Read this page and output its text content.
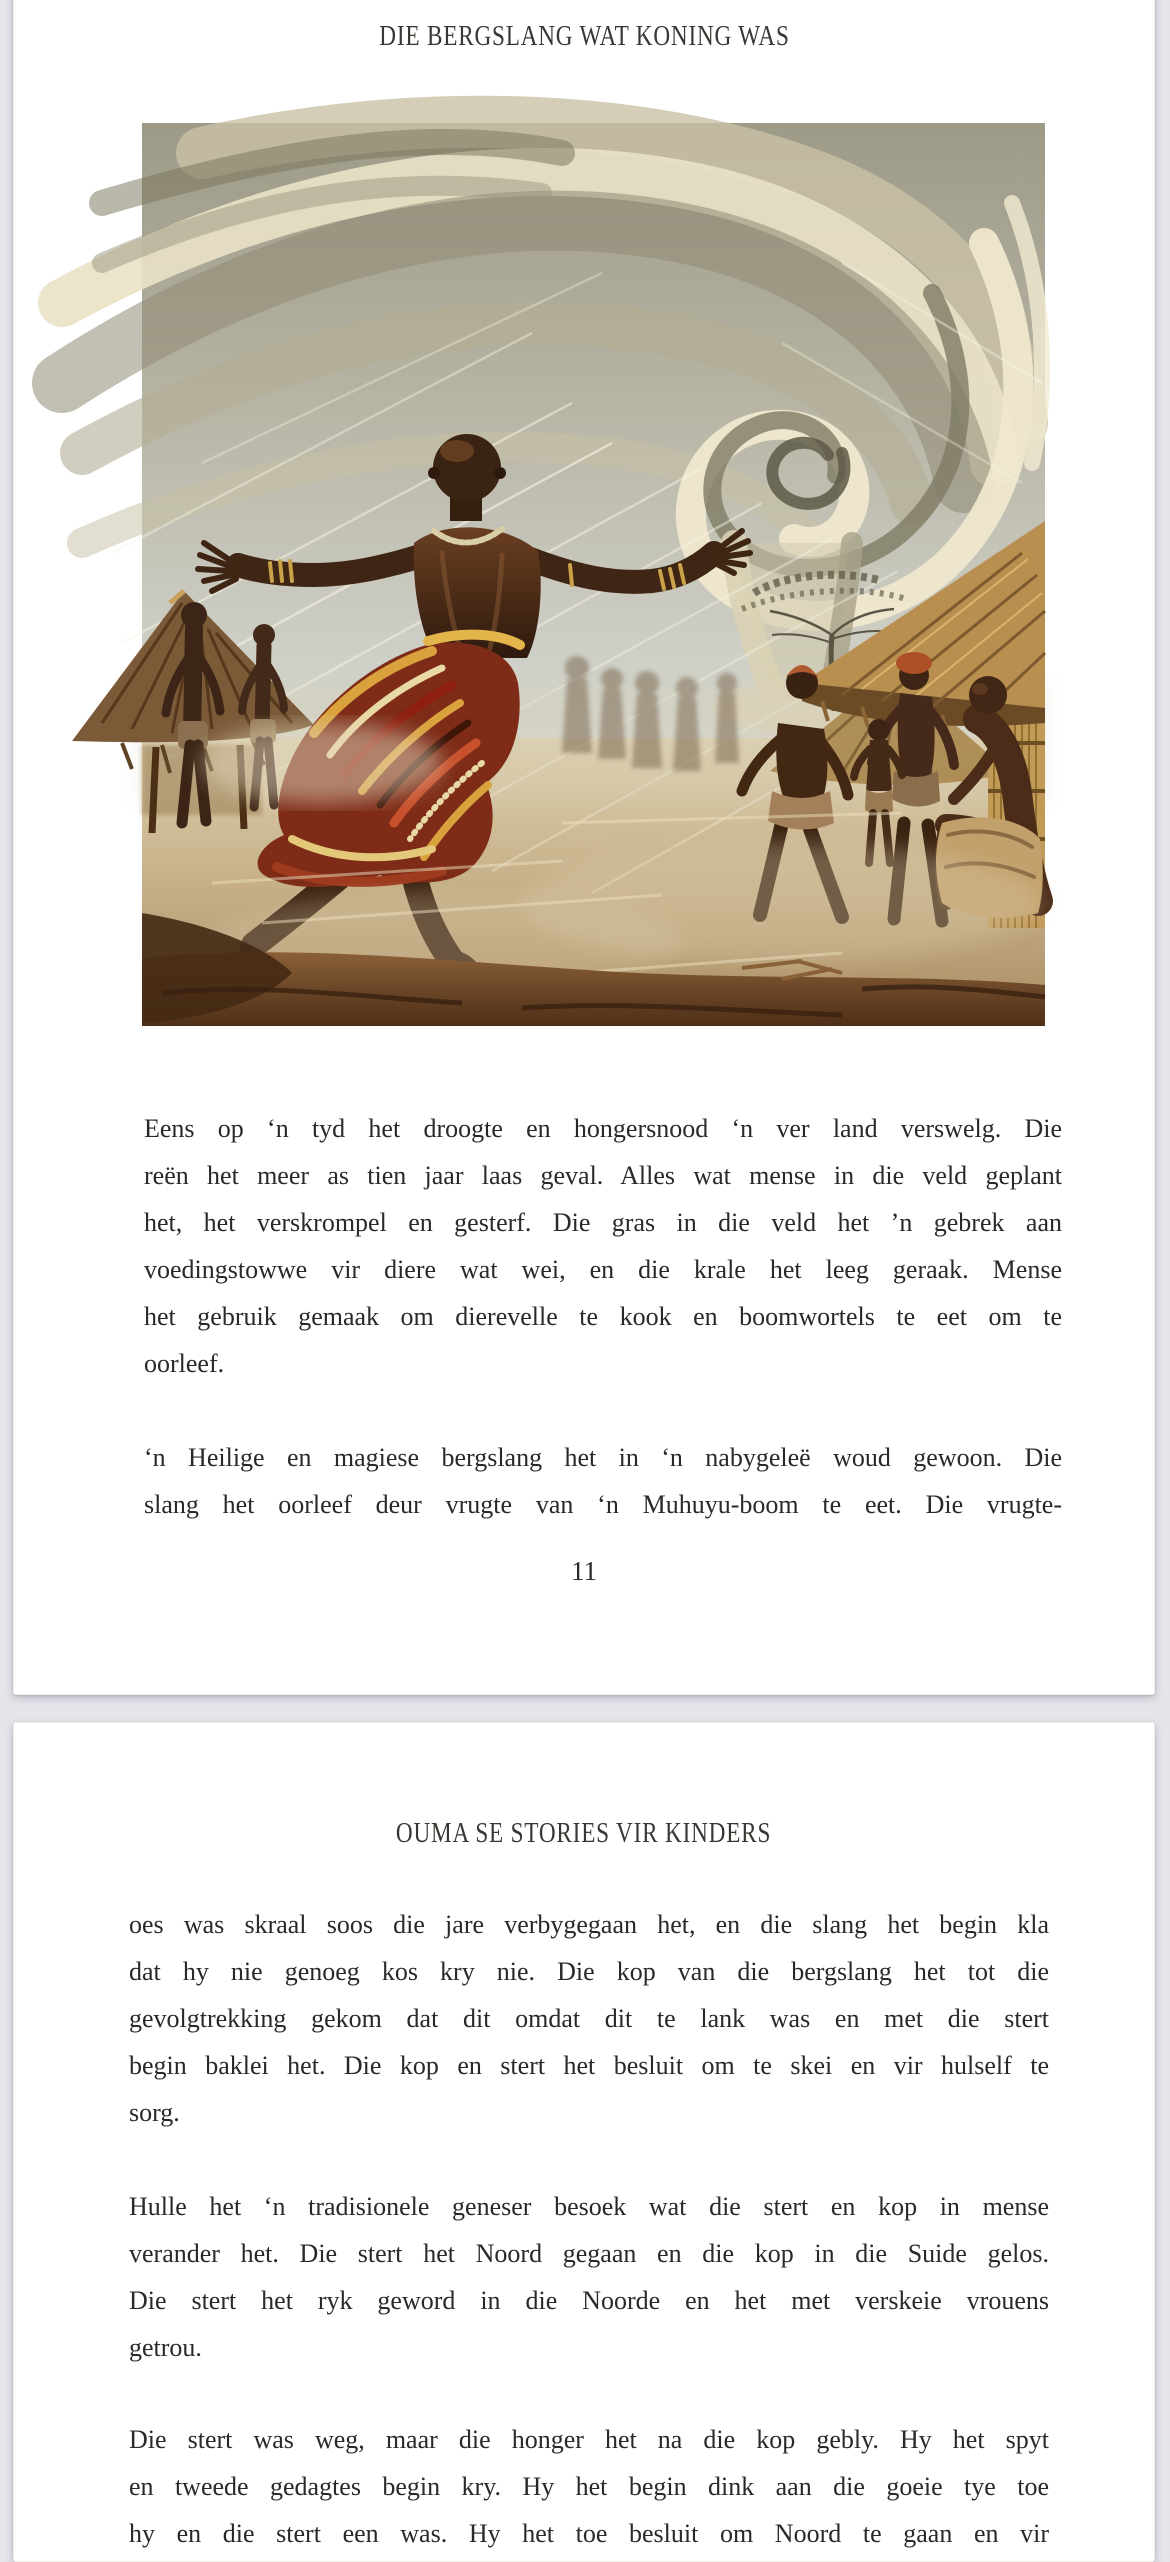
DIE BERGSLANG WAT KONING WAS
Eens op ‘n tyd het droogte en hongersnood ‘n ver land verswelg. Die
reën het meer as tien jaar laas geval. Alles wat mense in die veld geplant
het, het verskrompel en gesterf. Die gras in die veld het ’n gebrek aan
voedingstowwe vir diere wat wei, en die krale het leeg geraak. Mense
het gebruik gemaak om dierevelle te kook en boomwortels te eet om te
oorleef.
‘n Heilige en magiese bergslang het in ‘n nabygeleë woud gewoon. Die
slang het oorleef deur vrugte van ‘n Muhuyu-boom te eet. Die vrugte-
11
OUMA SE STORIES VIR KINDERS
oes was skraal soos die jare verbygegaan het, en die slang het begin kla
dat hy nie genoeg kos kry nie. Die kop van die bergslang het tot die
gevolgtrekking gekom dat dit omdat dit te lank was en met die stert
begin baklei het. Die kop en stert het besluit om te skei en vir hulself te
sorg.
Hulle het ‘n tradisionele geneser besoek wat die stert en kop in mense
verander het. Die stert het Noord gegaan en die kop in die Suide gelos.
Die stert het ryk geword in die Noorde en het met verskeie vrouens
getrou.
Die stert was weg, maar die honger het na die kop gebly. Hy het spyt
en tweede gedagtes begin kry. Hy het begin dink aan die goeie tye toe
hy en die stert een was. Hy het toe besluit om Noord te gaan en vir
